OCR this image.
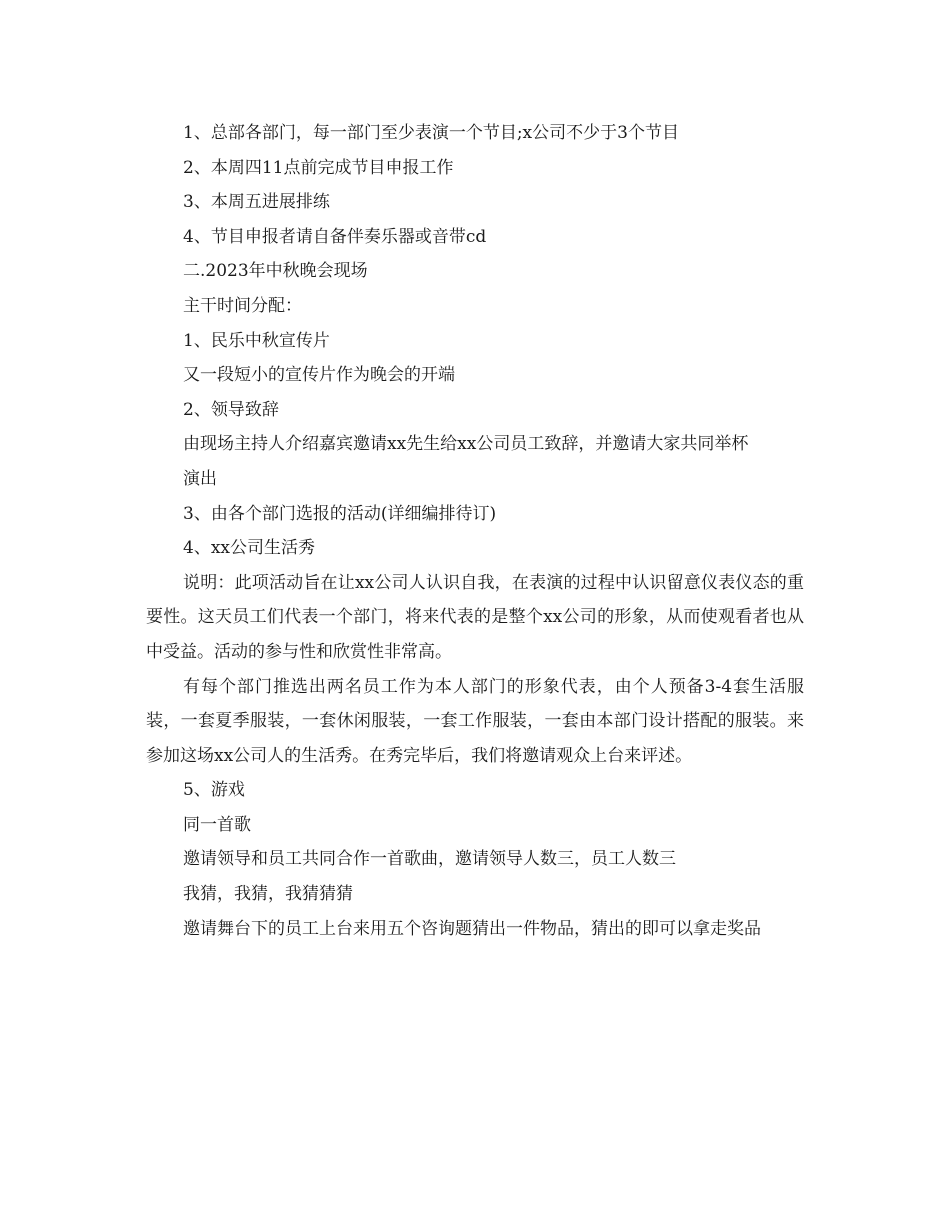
1、总部各部门，每一部门至少表演一个节目;x公司不少于3个节目

2、本周四11点前完成节目申报工作

3、本周五进展排练

4、节目申报者请自备伴奏乐器或音带cd

二.2023年中秋晚会现场

主干时间分配：

1、民乐中秋宣传片

又一段短小的宣传片作为晚会的开端

2、领导致辞

由现场主持人介绍嘉宾邀请xx先生给xx公司员工致辞，并邀请大家共同举杯

演出

3、由各个部门选报的活动(详细编排待订)

4、xx公司生活秀

说明：此项活动旨在让xx公司人认识自我，在表演的过程中认识留意仪表仪态的重要性。这天员工们代表一个部门，将来代表的是整个xx公司的形象，从而使观看者也从中受益。活动的参与性和欣赏性非常高。

有每个部门推选出两名员工作为本人部门的形象代表，由个人预备3-4套生活服装，一套夏季服装，一套休闲服装，一套工作服装，一套由本部门设计搭配的服装。来参加这场xx公司人的生活秀。在秀完毕后，我们将邀请观众上台来评述。

5、游戏

同一首歌

邀请领导和员工共同合作一首歌曲，邀请领导人数三，员工人数三

我猜，我猜，我猜猜猜

邀请舞台下的员工上台来用五个咨询题猜出一件物品，猜出的即可以拿走奖品
